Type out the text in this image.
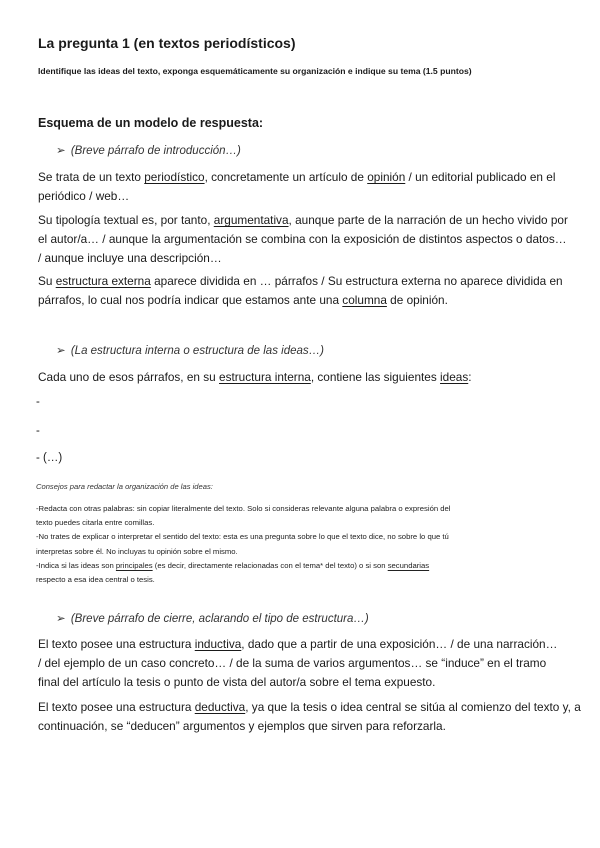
La pregunta 1 (en textos periodísticos)
Identifique las ideas del texto, exponga esquemáticamente su organización e indique su tema (1.5 puntos)
Esquema de un modelo de respuesta:
➢ (Breve párrafo de introducción…)
Se trata de un texto periodístico, concretamente un artículo de opinión / un editorial publicado en el
periódico / web…
Su tipología textual es, por tanto, argumentativa, aunque parte de la narración de un hecho vivido por
el autor/a… / aunque la argumentación se combina con la exposición de distintos aspectos o datos…
/ aunque incluye una descripción…
Su estructura externa aparece dividida en … párrafos / Su estructura externa no aparece dividida en
párrafos, lo cual nos podría indicar que estamos ante una columna de opinión.
➢ (La estructura interna o estructura de las ideas…)
Cada uno de esos párrafos, en su estructura interna, contiene las siguientes ideas:
-
-
- (…)
Consejos para redactar la organización de las ideas:
-Redacta con otras palabras: sin copiar literalmente del texto. Solo si consideras relevante alguna palabra o expresión del
texto puedes citarla entre comillas.
-No trates de explicar o interpretar el sentido del texto: esta es una pregunta sobre lo que el texto dice, no sobre lo que tú
interpretas sobre él. No incluyas tu opinión sobre el mismo.
-Indica si las ideas son principales (es decir, directamente relacionadas con el tema* del texto) o si son secundarias
respecto a esa idea central o tesis.
➢ (Breve párrafo de cierre, aclarando el tipo de estructura…)
El texto posee una estructura inductiva, dado que a partir de una exposición… / de una narración…
/ del ejemplo de un caso concreto… / de la suma de varios argumentos… se “induce” en el tramo
final del artículo la tesis o punto de vista del autor/a sobre el tema expuesto.
El texto posee una estructura deductiva, ya que la tesis o idea central se sitúa al comienzo del texto y, a
continuación, se “deducen” argumentos y ejemplos que sirven para reforzarla.
